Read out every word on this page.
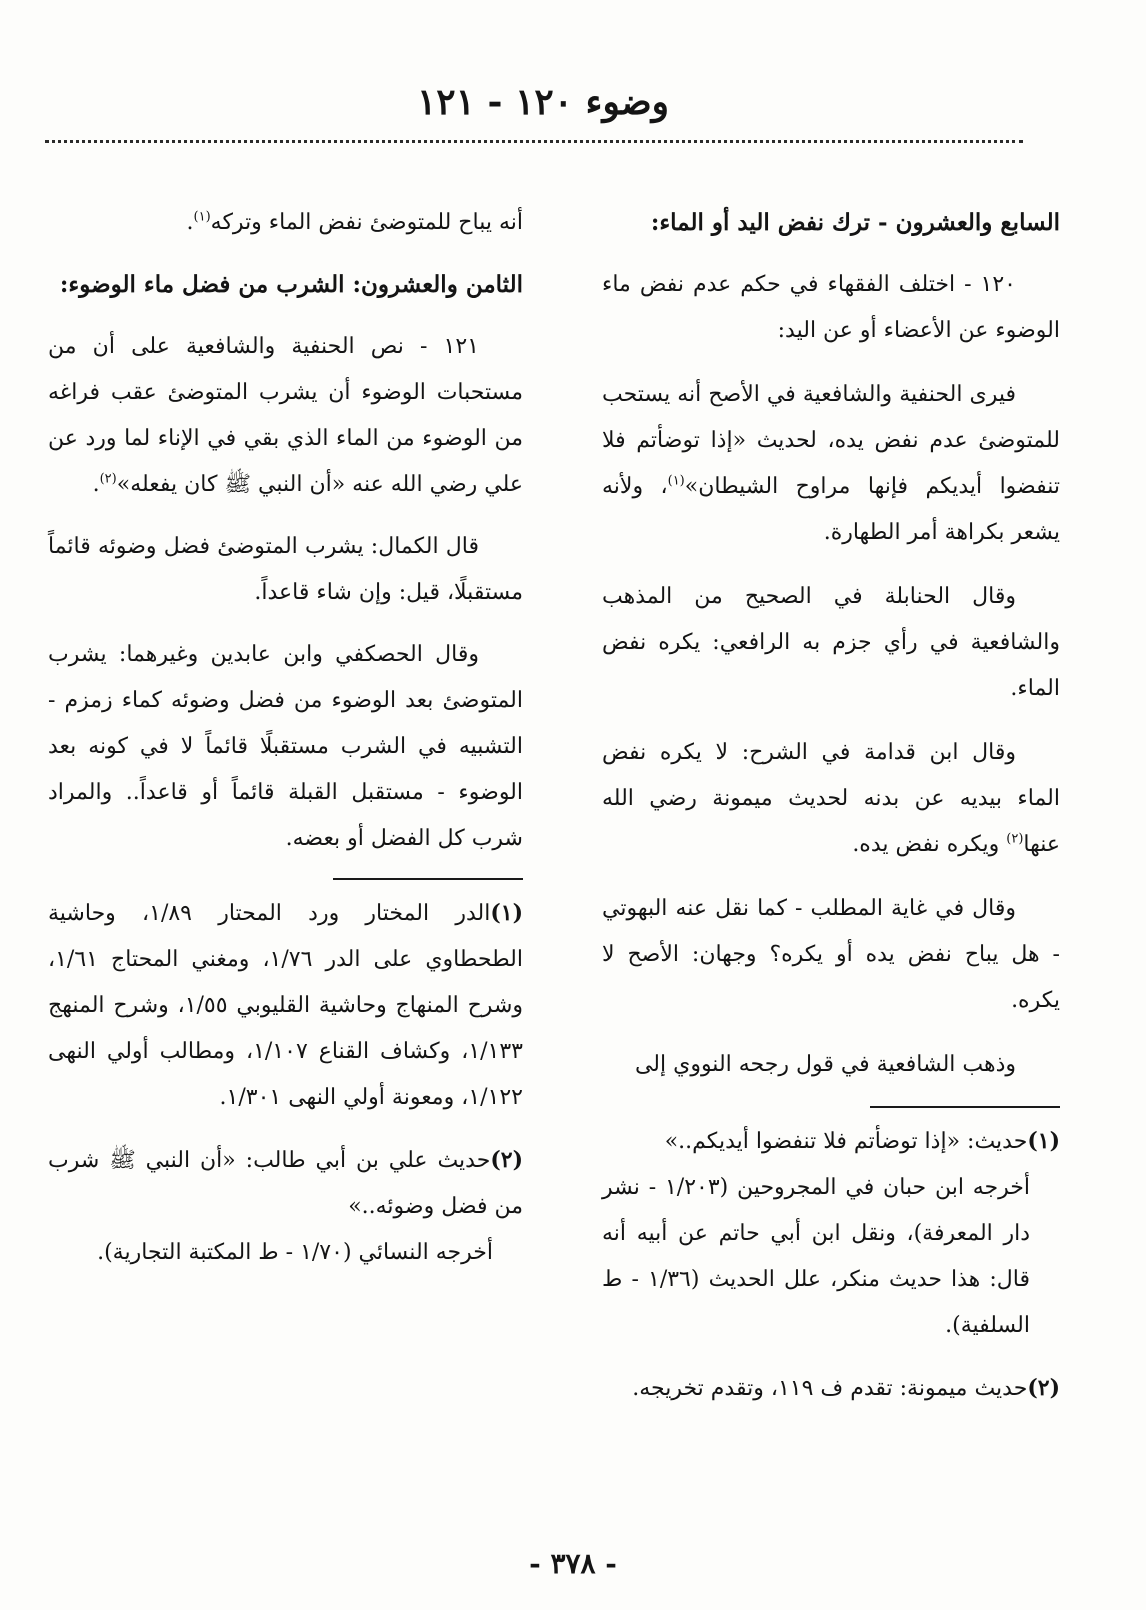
وضوء ١٢٠ - ١٢١

السابع والعشرون - ترك نفض اليد أو الماء:

١٢٠ - اختلف الفقهاء في حكم عدم نفض ماء الوضوء عن الأعضاء أو عن اليد:

فيرى الحنفية والشافعية في الأصح أنه يستحب للمتوضئ عدم نفض يده، لحديث «إذا توضأتم فلا تنفضوا أيديكم فإنها مراوح الشيطان»$^{(١)}$، ولأنه يشعر بكراهة أمر الطهارة.

وقال الحنابلة في الصحيح من المذهب والشافعية في رأي جزم به الرافعي: يكره نفض الماء.

وقال ابن قدامة في الشرح: لا يكره نفض الماء بيديه عن بدنه لحديث ميمونة رضي الله عنها$^{(٢)}$ ويكره نفض يده.

وقال في غاية المطلب - كما نقل عنه البهوتي - هل يباح نفض يده أو يكره؟ وجهان: الأصح لا يكره.

وذهب الشافعية في قول رجحه النووي إلى

(١)حديث: «إذا توضأتم فلا تنفضوا أيديكم..»
أخرجه ابن حبان في المجروحين (١/٢٠٣ - نشر دار المعرفة)، ونقل ابن أبي حاتم عن أبيه أنه قال: هذا حديث منكر، علل الحديث (١/٣٦ - ط السلفية).

(٢)حديث ميمونة: تقدم ف ١١٩، وتقدم تخريجه.

أنه يباح للمتوضئ نفض الماء وتركه$^{(١)}$.

الثامن والعشرون: الشرب من فضل ماء الوضوء:

١٢١ - نص الحنفية والشافعية على أن من مستحبات الوضوء أن يشرب المتوضئ عقب فراغه من الوضوء من الماء الذي بقي في الإناء لما ورد عن علي رضي الله عنه «أن النبي ﷺ كان يفعله»$^{(٢)}$.

قال الكمال: يشرب المتوضئ فضل وضوئه قائماً مستقبلًا، قيل: وإن شاء قاعداً.

وقال الحصكفي وابن عابدين وغيرهما: يشرب المتوضئ بعد الوضوء من فضل وضوئه كماء زمزم - التشبيه في الشرب مستقبلًا قائماً لا في كونه بعد الوضوء - مستقبل القبلة قائماً أو قاعداً.. والمراد شرب كل الفضل أو بعضه.

(١)الدر المختار ورد المحتار ١/٨٩، وحاشية الطحطاوي على الدر ١/٧٦، ومغني المحتاج ١/٦١، وشرح المنهاج وحاشية القليوبي ١/٥٥، وشرح المنهج ١/١٣٣، وكشاف القناع ١/١٠٧، ومطالب أولي النهى ١/١٢٢، ومعونة أولي النهى ١/٣٠١.

(٢)حديث علي بن أبي طالب: «أن النبي ﷺ شرب من فضل وضوئه..»
أخرجه النسائي (١/٧٠ - ط المكتبة التجارية).

- ٣٧٨ -
